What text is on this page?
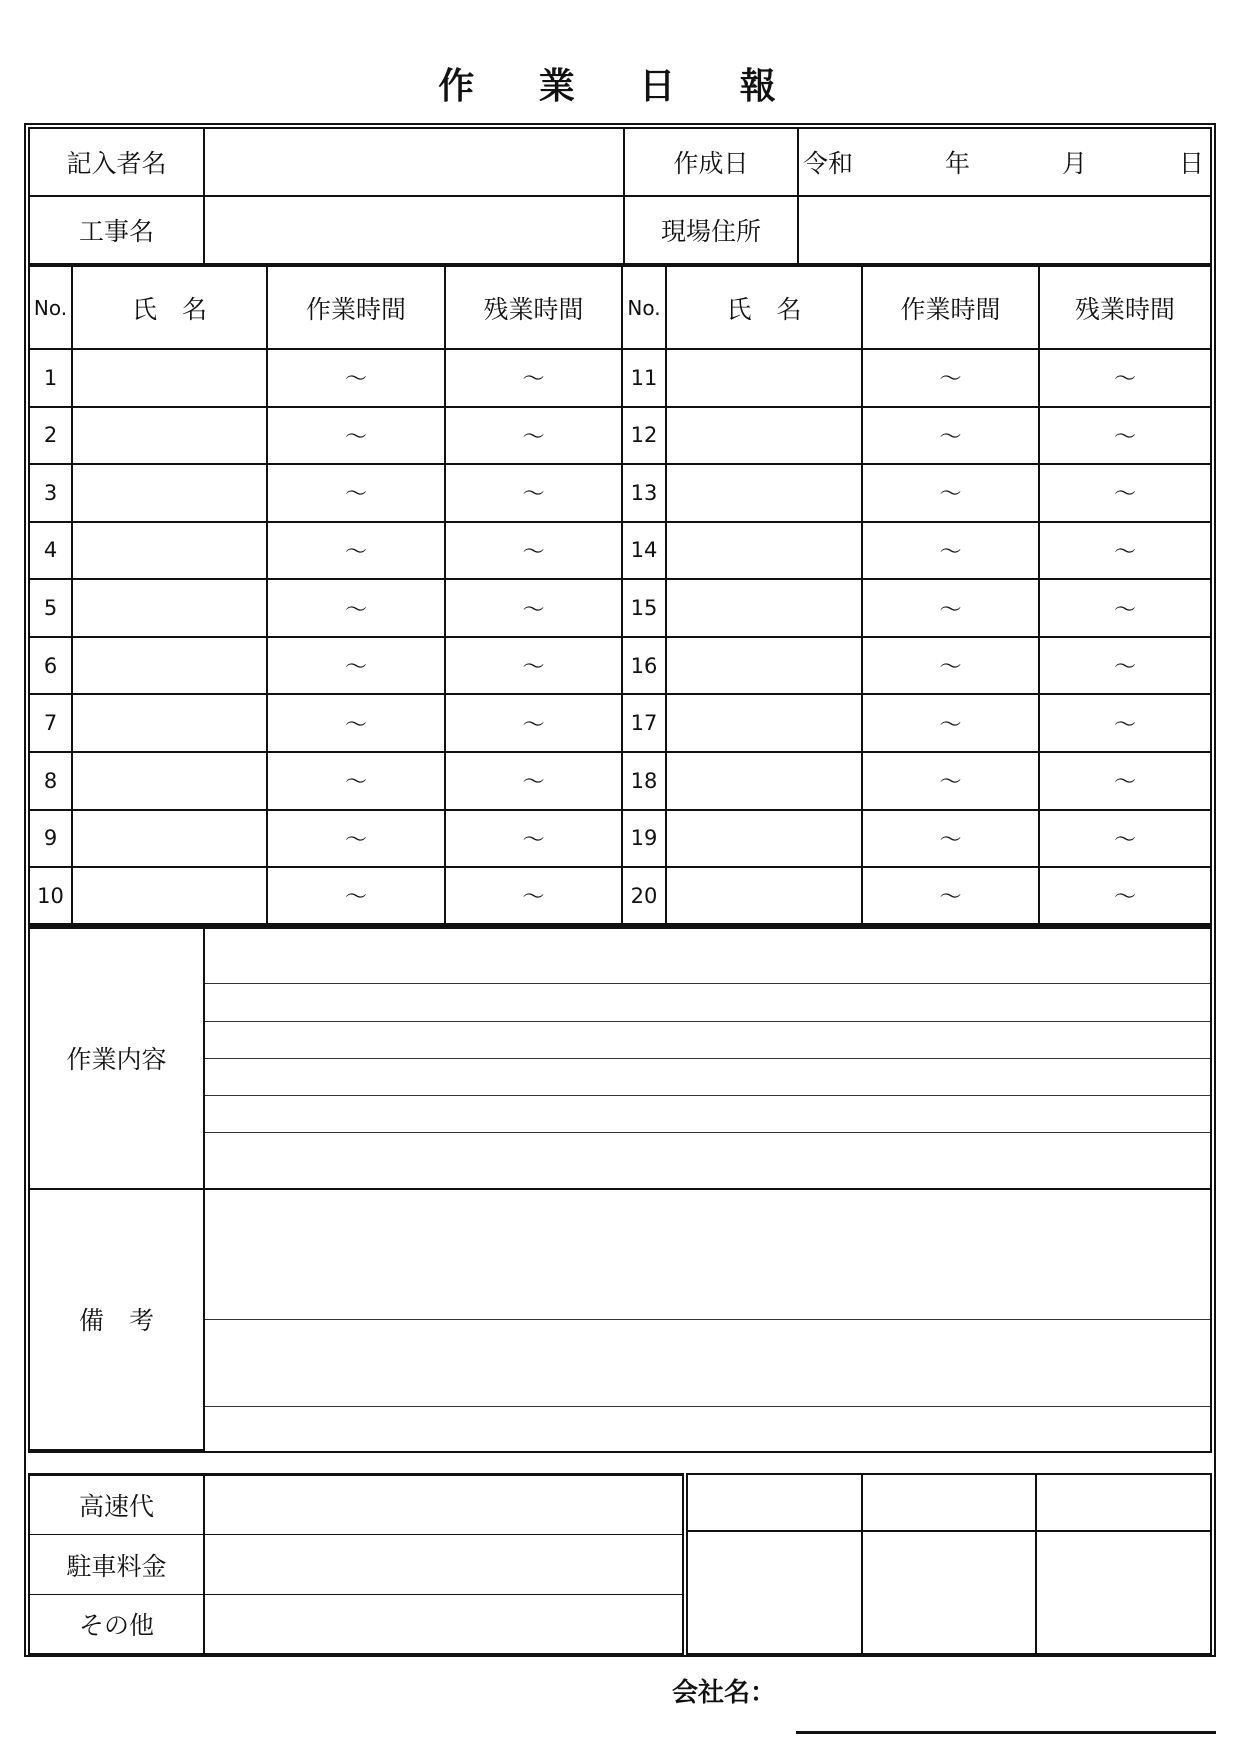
作 業 日 報
記入者名		作成日	令和 年 月 日

工事名		現場住所	
No.	氏　名	作業時間	残業時間	No.	氏　名	作業時間	残業時間
1		～	～	11		～	～
2		～	～	12		～	～
3		～	～	13		～	～
4		～	～	14		～	～
5		～	～	15		～	～
6		～	～	16		～	～
7		～	～	17		～	～
8		～	～	18		～	～
9		～	～	19		～	～
10		～	～	20		～	～
作業内容	

備　考	

高速代	
駐車料金	
その他	

会社名：
